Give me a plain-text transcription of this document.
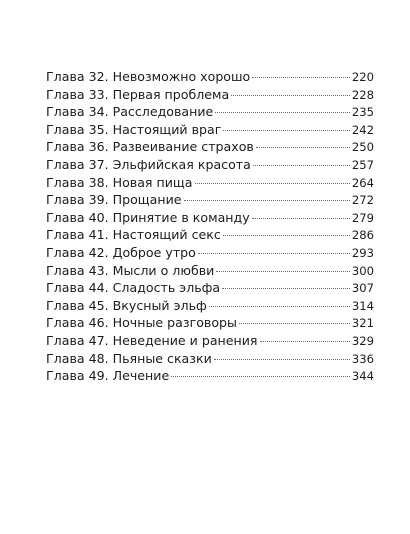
Глава 32. Невозможно хорошо	220
Глава 33. Первая проблема	228
Глава 34. Расследование	235
Глава 35. Настоящий враг	242
Глава 36. Развеивание страхов	250
Глава 37. Эльфийская красота	257
Глава 38. Новая пища	264
Глава 39. Прощание	272
Глава 40. Принятие в команду	279
Глава 41. Настоящий секс	286
Глава 42. Доброе утро	293
Глава 43. Мысли о любви	300
Глава 44. Сладость эльфа	307
Глава 45. Вкусный эльф	314
Глава 46. Ночные разговоры	321
Глава 47. Неведение и ранения	329
Глава 48. Пьяные сказки	336
Глава 49. Лечение	344
